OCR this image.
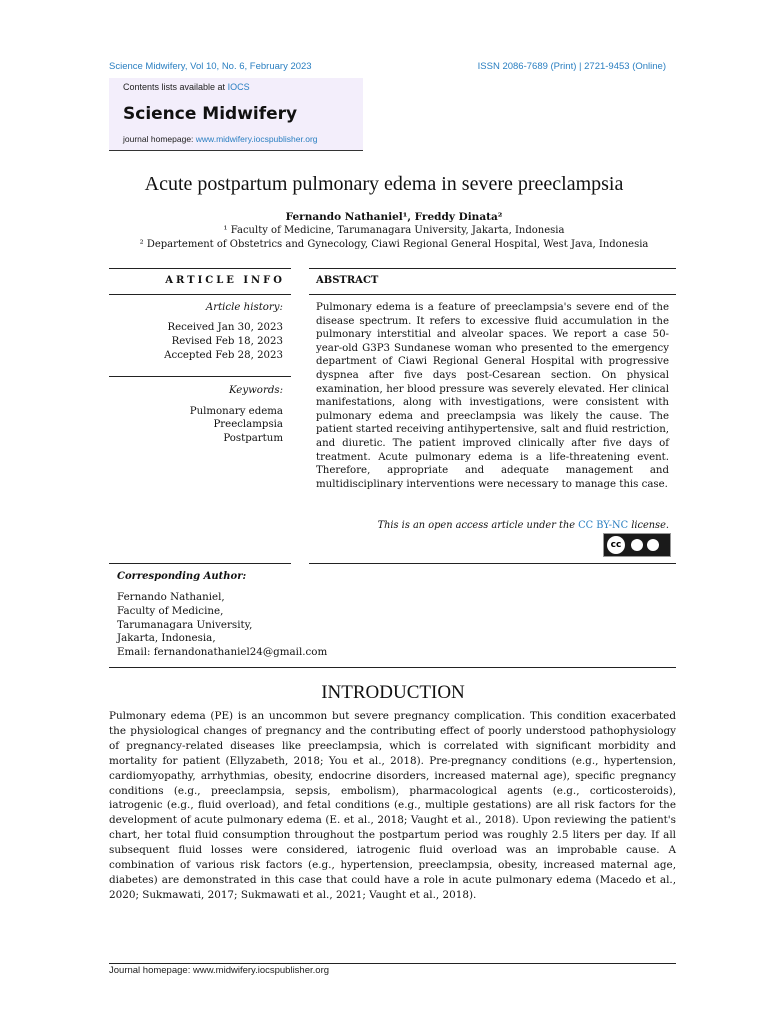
Science Midwifery, Vol 10, No. 6, February 2023	ISSN 2086-7689 (Print) | 2721-9453 (Online)
Contents lists available at IOCS
Science Midwifery
journal homepage: www.midwifery.iocspublisher.org
Acute postpartum pulmonary edema in severe preeclampsia
Fernando Nathaniel¹, Freddy Dinata²
¹ Faculty of Medicine, Tarumanagara University, Jakarta, Indonesia
² Departement of Obstetrics and Gynecology, Ciawi Regional General Hospital, West Java, Indonesia
ARTICLE INFO	ABSTRACT
Article history:
Received Jan 30, 2023
Revised Feb 18, 2023
Accepted Feb 28, 2023
Keywords:
Pulmonary edema
Preeclampsia
Postpartum
Pulmonary edema is a feature of preeclampsia's severe end of the disease spectrum. It refers to excessive fluid accumulation in the pulmonary interstitial and alveolar spaces. We report a case 50-year-old G3P3 Sundanese woman who presented to the emergency department of Ciawi Regional General Hospital with progressive dyspnea after five days post-Cesarean section. On physical examination, her blood pressure was severely elevated. Her clinical manifestations, along with investigations, were consistent with pulmonary edema and preeclampsia was likely the cause. The patient started receiving antihypertensive, salt and fluid restriction, and diuretic. The patient improved clinically after five days of treatment. Acute pulmonary edema is a life-threatening event. Therefore, appropriate and adequate management and multidisciplinary interventions were necessary to manage this case.
This is an open access article under the CC BY-NC license.
cc
Corresponding Author:
Fernando Nathaniel,
Faculty of Medicine,
Tarumanagara University,
Jakarta, Indonesia,
Email: fernandonathaniel24@gmail.com
INTRODUCTION
Pulmonary edema (PE) is an uncommon but severe pregnancy complication. This condition exacerbated the physiological changes of pregnancy and the contributing effect of poorly understood pathophysiology of pregnancy-related diseases like preeclampsia, which is correlated with significant morbidity and mortality for patient (Ellyzabeth, 2018; You et al., 2018). Pre-pregnancy conditions (e.g., hypertension, cardiomyopathy, arrhythmias, obesity, endocrine disorders, increased maternal age), specific pregnancy conditions (e.g., preeclampsia, sepsis, embolism), pharmacological agents (e.g., corticosteroids), iatrogenic (e.g., fluid overload), and fetal conditions (e.g., multiple gestations) are all risk factors for the development of acute pulmonary edema (E. et al., 2018; Vaught et al., 2018). Upon reviewing the patient's chart, her total fluid consumption throughout the postpartum period was roughly 2.5 liters per day. If all subsequent fluid losses were considered, iatrogenic fluid overload was an improbable cause. A combination of various risk factors (e.g., hypertension, preeclampsia, obesity, increased maternal age, diabetes) are demonstrated in this case that could have a role in acute pulmonary edema (Macedo et al., 2020; Sukmawati, 2017; Sukmawati et al., 2021; Vaught et al., 2018).
Journal homepage: www.midwifery.iocspublisher.org
